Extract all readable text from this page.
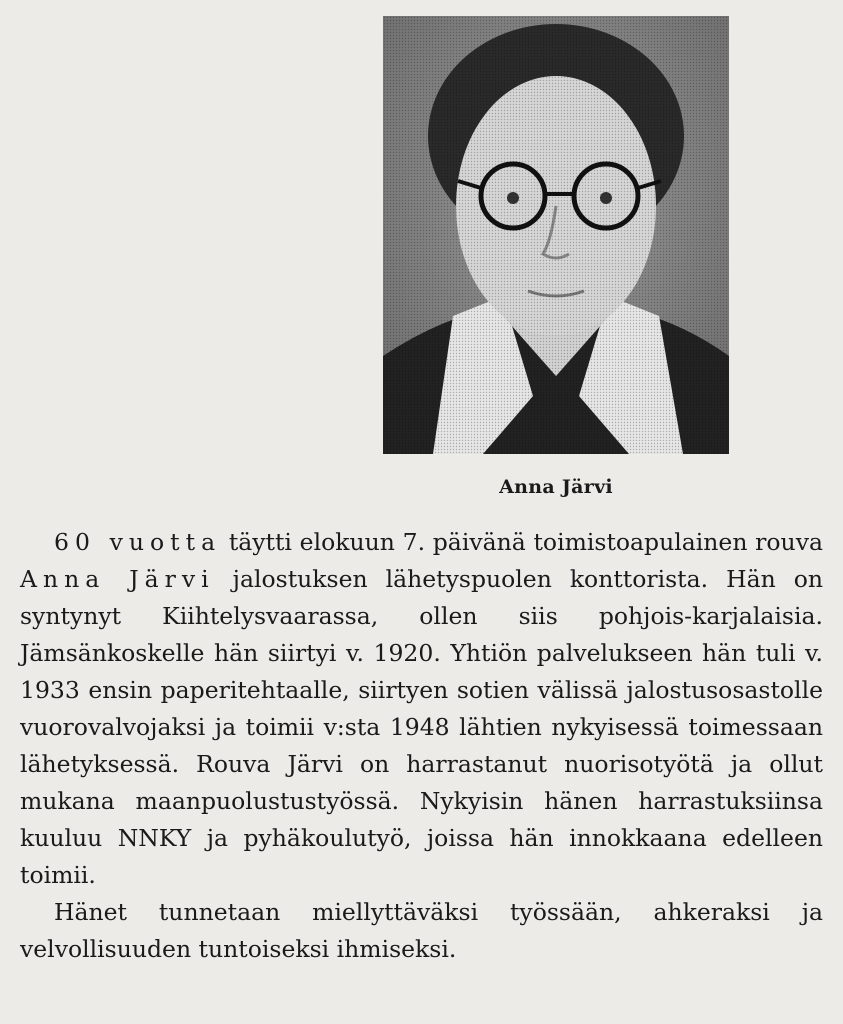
Anna Järvi

60 vuotta täytti elokuun 7. päivänä toimistoapulainen rouva Anna Järvi jalostuksen lähetyspuolen konttorista. Hän on syntynyt Kiihtelysvaarassa, ollen siis pohjois-karjalaisia. Jämsänkoskelle hän siirtyi v. 1920. Yhtiön palvelukseen hän tuli v. 1933 ensin paperitehtaalle, siirtyen sotien välissä jalostusosastolle vuorovalvojaksi ja toimii v:sta 1948 lähtien nykyisessä toimessaan lähetyksessä. Rouva Järvi on harrastanut nuorisotyötä ja ollut mukana maanpuolustustyössä. Nykyisin hänen harrastuksiinsa kuuluu NNKY ja pyhäkoulutyö, joissa hän innokkaana edelleen toimii.

Hänet tunnetaan miellyttäväksi työssään, ahkeraksi ja velvollisuuden tuntoiseksi ihmiseksi.
